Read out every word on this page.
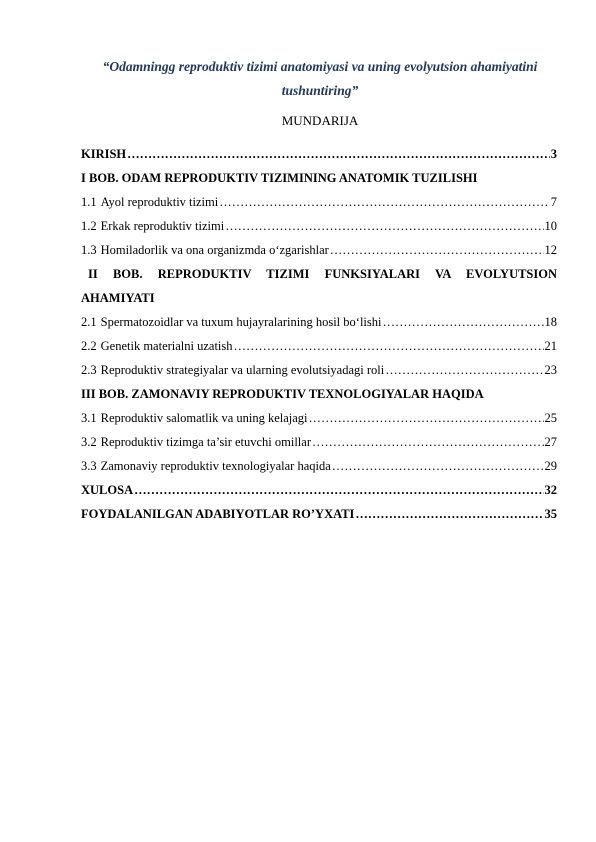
“Odamningg reproduktiv tizimi anatomiyasi va uning evolyutsion ahamiyatini
tushuntiring”
MUNDARIJA
KIRISH ………………………………………………………………………………………………………………………………………………………………	3
I BOB. ODAM REPRODUKTIV TIZIMINING ANATOMIK TUZILISHI
1.1 Ayol reproduktiv tizimi ………………………………………………………………………………………………………………………………………………………………	7
1.2 Erkak reproduktiv tizimi ………………………………………………………………………………………………………………………………………………………………	10
1.3 Homiladorlik va ona organizmda o‘zgarishlar ………………………………………………………………………………………………………………………………………………………………	12
II BOB. REPRODUKTIV TIZIMI FUNKSIYALARI VA EVOLYUTSION
AHAMIYATI
2.1 Spermatozoidlar va tuxum hujayralarining hosil bo‘lishi ………………………………………………………………………………………………………………………………………………………………	18
2.2 Genetik materialni uzatish ………………………………………………………………………………………………………………………………………………………………	21
2.3 Reproduktiv strategiyalar va ularning evolutsiyadagi roli ………………………………………………………………………………………………………………………………………………………………	23
III BOB. ZAMONAVIY REPRODUKTIV TEXNOLOGIYALAR HAQIDA
3.1 Reproduktiv salomatlik va uning kelajagi ………………………………………………………………………………………………………………………………………………………………	25
3.2 Reproduktiv tizimga ta’sir etuvchi omillar ………………………………………………………………………………………………………………………………………………………………	27
3.3 Zamonaviy reproduktiv texnologiyalar haqida ………………………………………………………………………………………………………………………………………………………………	29
XULOSA ………………………………………………………………………………………………………………………………………………………………	32
FOYDALANILGAN ADABIYOTLAR RO’YXATI ………………………………………………………………………………………………………………………………………………………………	35
